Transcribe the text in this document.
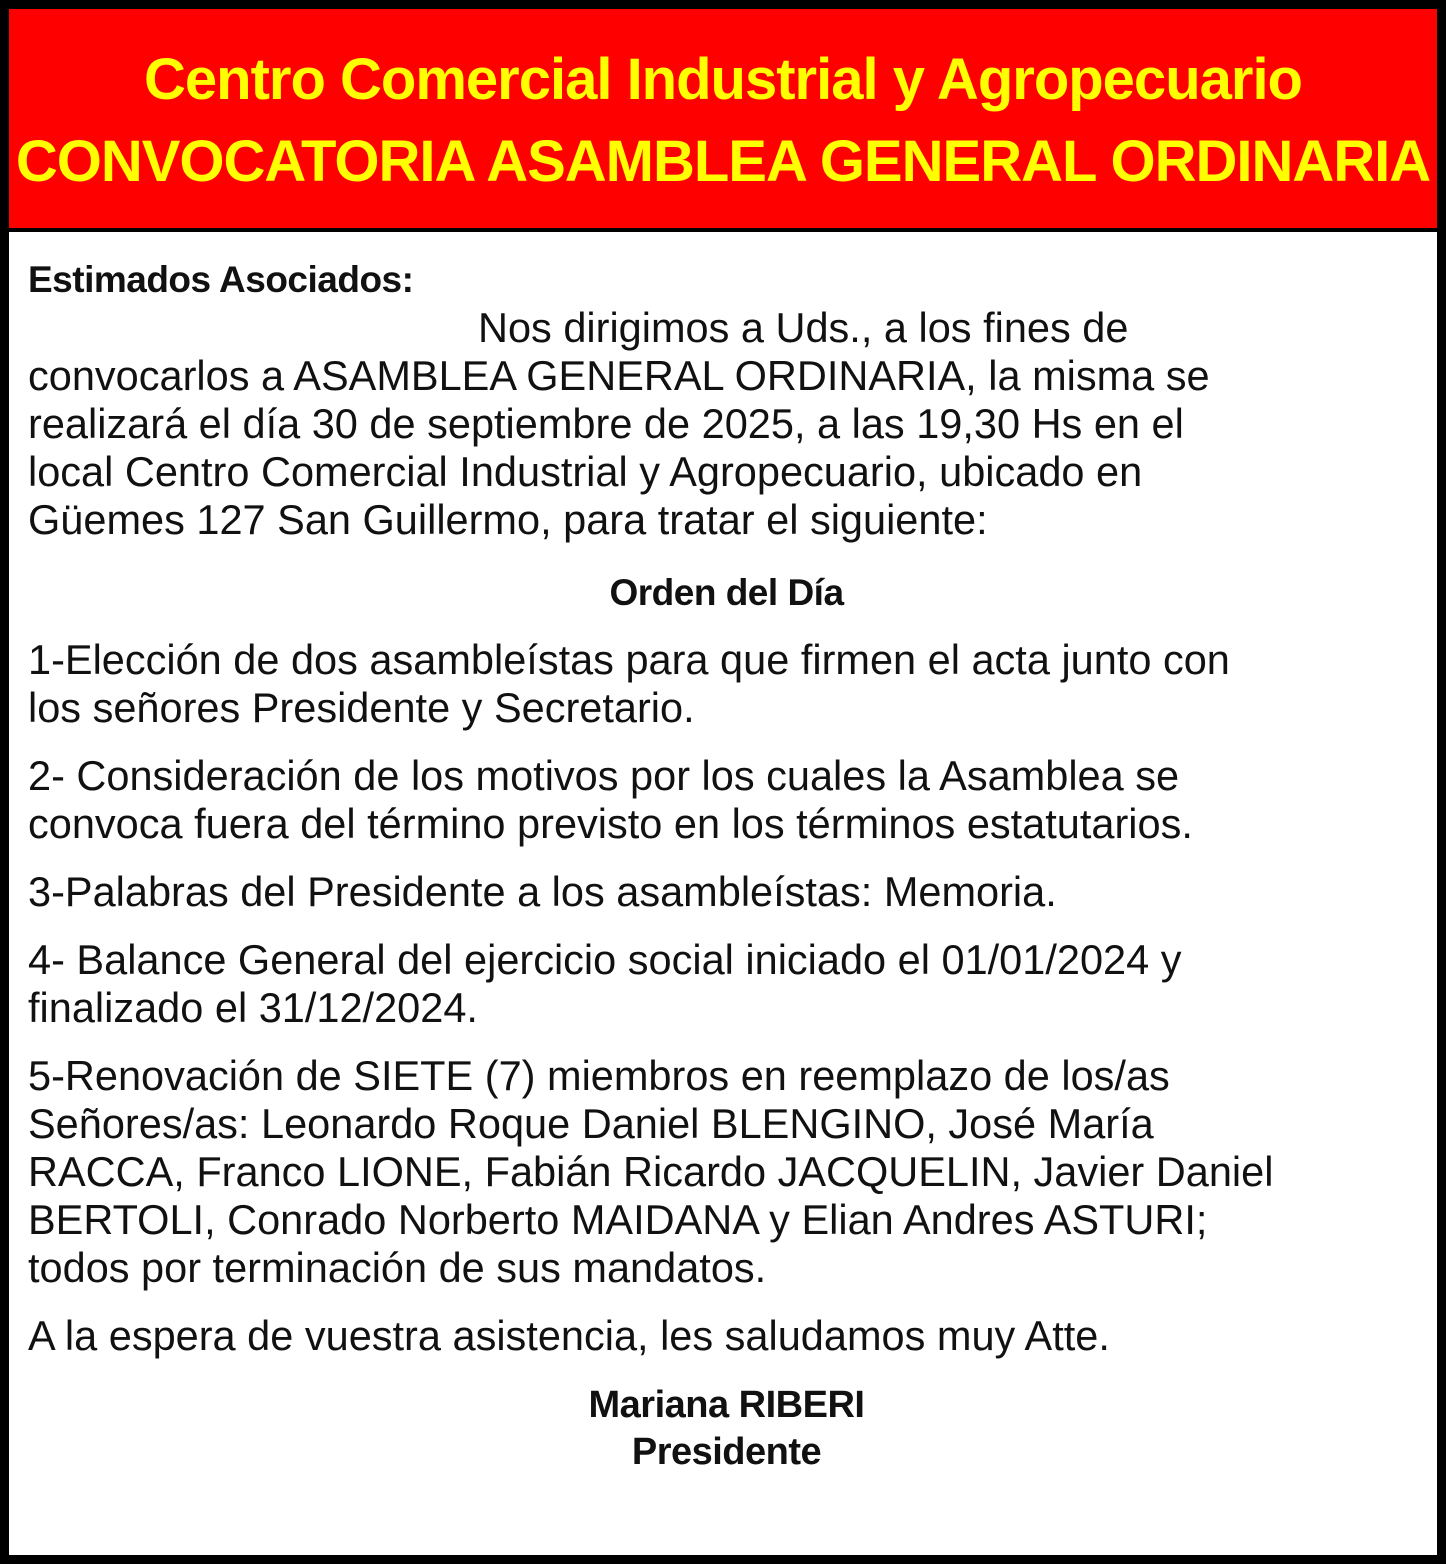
Centro Comercial Industrial y Agropecuario
CONVOCATORIA ASAMBLEA GENERAL ORDINARIA
Estimados Asociados:
Nos dirigimos a Uds., a los fines de
convocarlos a ASAMBLEA GENERAL ORDINARIA, la misma se
realizará el día 30 de septiembre de 2025, a las 19,30 Hs en el
local Centro Comercial Industrial y Agropecuario, ubicado en
Güemes 127 San Guillermo, para tratar el siguiente:
Orden del Día
1-Elección de dos asambleístas para que firmen el acta junto con
los señores Presidente y Secretario.
2- Consideración de los motivos por los cuales la Asamblea se
convoca fuera del término previsto en los términos estatutarios.
3-Palabras del Presidente a los asambleístas: Memoria.
4- Balance General del ejercicio social iniciado el 01/01/2024 y
finalizado el 31/12/2024.
5-Renovación de SIETE (7) miembros en reemplazo de los/as
Señores/as: Leonardo Roque Daniel BLENGINO, José María
RACCA, Franco LIONE, Fabián Ricardo JACQUELIN, Javier Daniel
BERTOLI, Conrado Norberto MAIDANA y Elian Andres ASTURI;
todos por terminación de sus mandatos.
A la espera de vuestra asistencia, les saludamos muy Atte.
Mariana RIBERI
Presidente
